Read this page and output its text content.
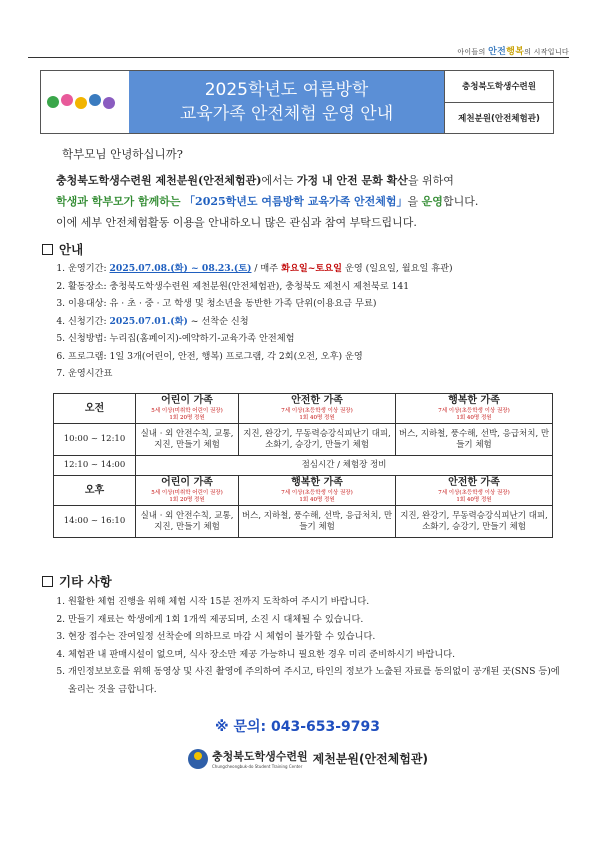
아이들의 안전행복의 시작입니다
2025학년도 여름방학
교육가족 안전체험 운영 안내
충청북도학생수련원
제천분원(안전체험관)
학부모님 안녕하십니까?
충청북도학생수련원 제천분원(안전체험관)에서는 가정 내 안전 문화 확산을 위하여
학생과 학부모가 함께하는 「2025학년도 여름방학 교육가족 안전체험」을 운영합니다.
이에 세부 안전체험활동 이용을 안내하오니 많은 관심과 참여 부탁드립니다.
안내
1. 운영기간: 2025.07.08.(화) ~ 08.23.(토) / 매주 화요일~토요일 운영 (일요일, 월요일 휴관)
2. 활동장소: 충청북도학생수련원 제천분원(안전체험관), 충청북도 제천시 제천북로 141
3. 이용대상: 유 · 초 · 중 · 고 학생 및 청소년을 동반한 가족 단위(이용요금 무료)
4. 신청기간: 2025.07.01.(화) ~ 선착순 신청
5. 신청방법: 누리집(홈페이지)-예약하기-교육가족 안전체험
6. 프로그램: 1일 3개(어린이, 안전, 행복) 프로그램, 각 2회(오전, 오후) 운영
7. 운영시간표
오전	어린이 가족
5세 이상(미취학 어린이 권장)
1회 20명 정원	안전한 가족
7세 이상(초등학생 이상 권장)
1회 40명 정원	행복한 가족
7세 이상(초등학생 이상 권장)
1회 40명 정원

10:00 ~ 12:10	실내 · 외 안전수칙, 교통, 지진, 만들기 체험	지진, 완강기, 무동력승강식피난기 대피, 소화기, 승강기, 만들기 체험	버스, 지하철, 풍수해, 선박, 응급처치, 만들기 체험
12:10 ~ 14:00	점심시간 / 체험장 정비		
오후	어린이 가족
5세 이상(미취학 어린이 권장)
1회 20명 정원	행복한 가족
7세 이상(초등학생 이상 권장)
1회 40명 정원	안전한 가족
7세 이상(초등학생 이상 권장)
1회 40명 정원

14:00 ~ 16:10	실내 · 외 안전수칙, 교통, 지진, 만들기 체험	버스, 지하철, 풍수해, 선박, 응급처치, 만들기 체험	지진, 완강기, 무동력승강식피난기 대피, 소화기, 승강기, 만들기 체험
기타 사항
1. 원활한 체험 진행을 위해 체험 시작 15분 전까지 도착하여 주시기 바랍니다.
2. 만들기 재료는 학생에게 1회 1개씩 제공되며, 소진 시 대체될 수 있습니다.
3. 현장 접수는 잔여일정 선착순에 의하므로 마감 시 체험이 불가할 수 있습니다.
4. 체험관 내 판매시설이 없으며, 식사 장소만 제공 가능하니 필요한 경우 미리 준비하시기 바랍니다.
5. 개인정보보호를 위해 동영상 및 사진 촬영에 주의하여 주시고, 타인의 정보가 노출된 자료를 동의없이 공개된 곳(SNS 등)에 올리는 것을 금합니다.
※ 문의: 043-653-9793
충청북도학생수련원
Chungcheongbuk-do Student Training Center
제천분원(안전체험관)
